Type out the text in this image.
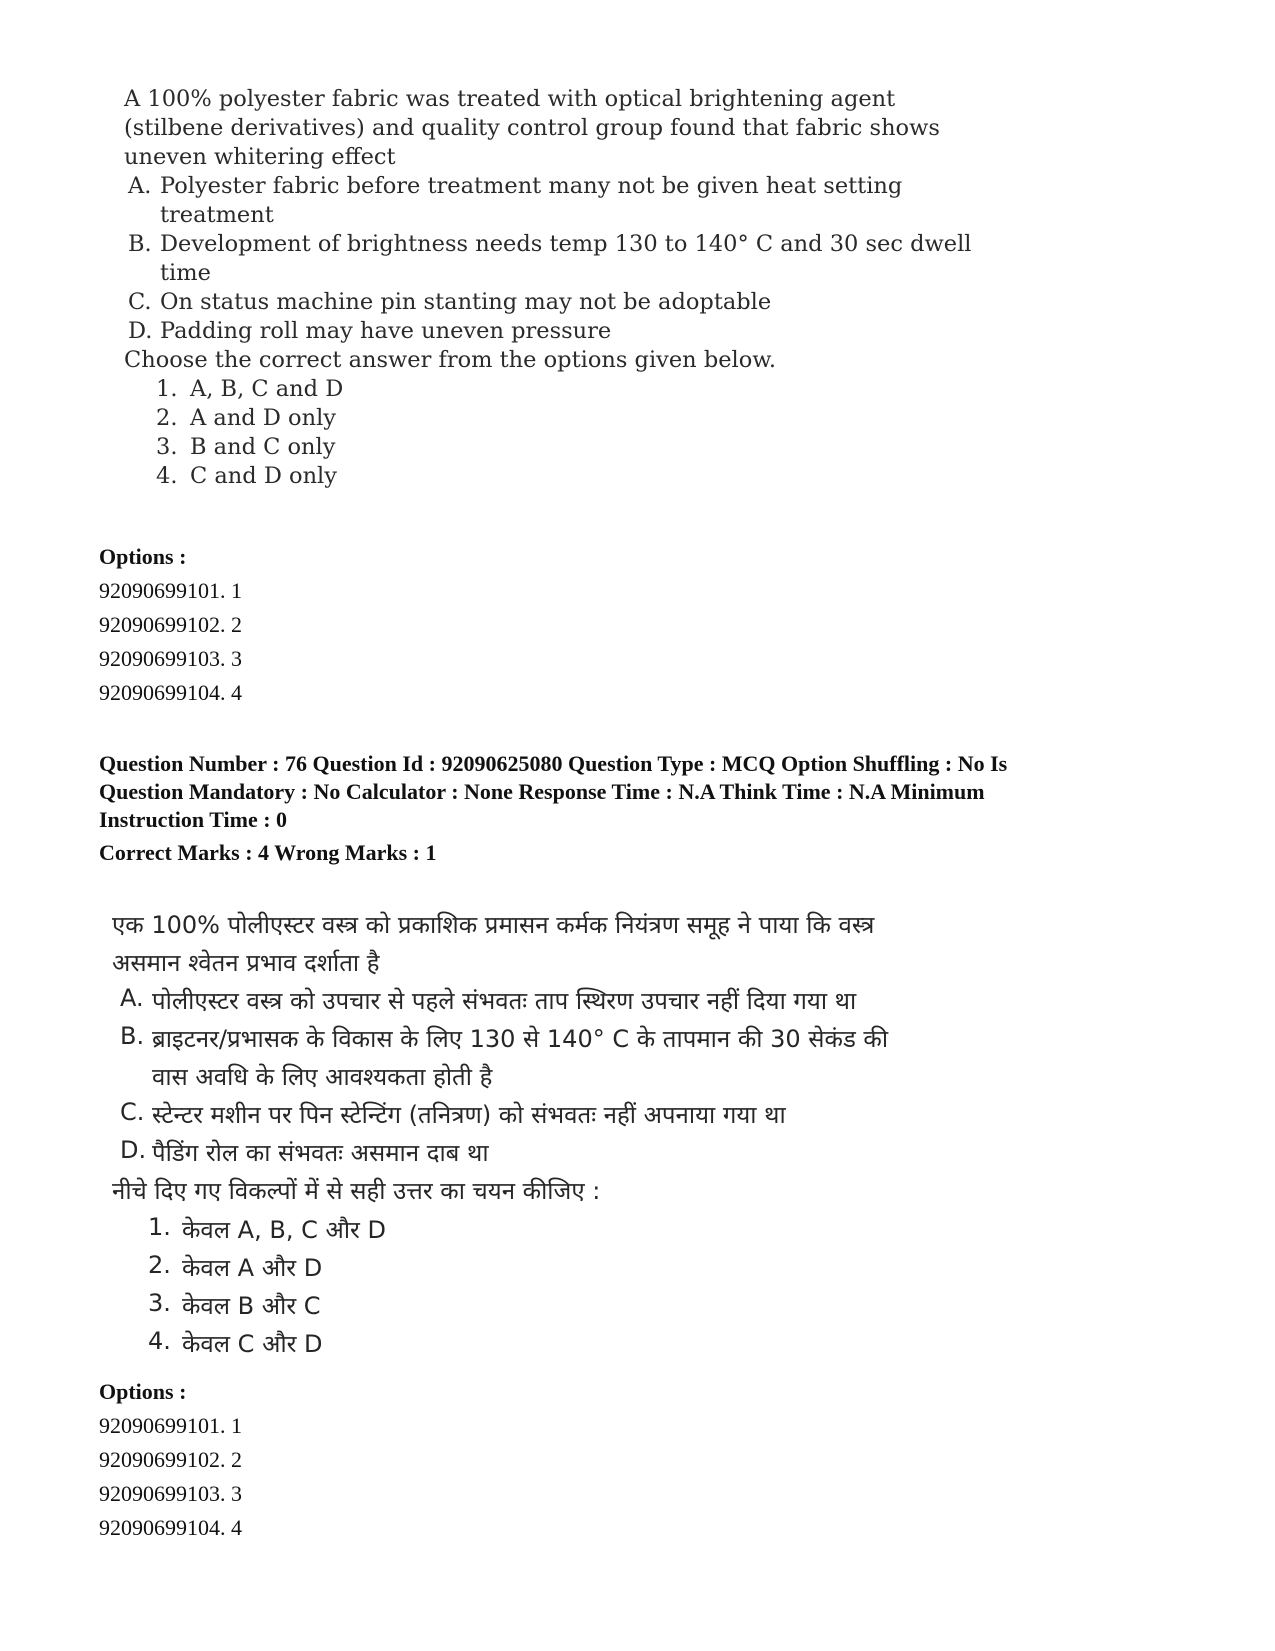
A 100% polyester fabric was treated with optical brightening agent
(stilbene derivatives) and quality control group found that fabric shows
uneven whitering effect
A. Polyester fabric before treatment many not be given heat setting
treatment
B. Development of brightness needs temp 130 to 140° C and 30 sec dwell
time
C. On status machine pin stanting may not be adoptable
D. Padding roll may have uneven pressure
Choose the correct answer from the options given below.
1. A, B, C and D
2. A and D only
3. B and C only
4. C and D only
Options :
92090699101. 1
92090699102. 2
92090699103. 3
92090699104. 4
Question Number : 76 Question Id : 92090625080 Question Type : MCQ Option Shuffling : No Is
Question Mandatory : No Calculator : None Response Time : N.A Think Time : N.A Minimum
Instruction Time : 0
Correct Marks : 4 Wrong Marks : 1
एक 100% पोलीएस्टर वस्त्र को प्रकाशिक प्रमासन कर्मक नियंत्रण समूह ने पाया कि वस्त्र
असमान श्वेतन प्रभाव दर्शाता है
A. पोलीएस्टर वस्त्र को उपचार से पहले संभवतः ताप स्थिरण उपचार नहीं दिया गया था
B. ब्राइटनर/प्रभासक के विकास के लिए 130 से 140° C के तापमान की 30 सेकंड की
वास अवधि के लिए आवश्यकता होती है
C. स्टेन्टर मशीन पर पिन स्टेन्टिंग (तनित्रण) को संभवतः नहीं अपनाया गया था
D. पैडिंग रोल का संभवतः असमान दाब था
नीचे दिए गए विकल्पों में से सही उत्तर का चयन कीजिए :
1. केवल A, B, C और D
2. केवल A और D
3. केवल B और C
4. केवल C और D
Options :
92090699101. 1
92090699102. 2
92090699103. 3
92090699104. 4
